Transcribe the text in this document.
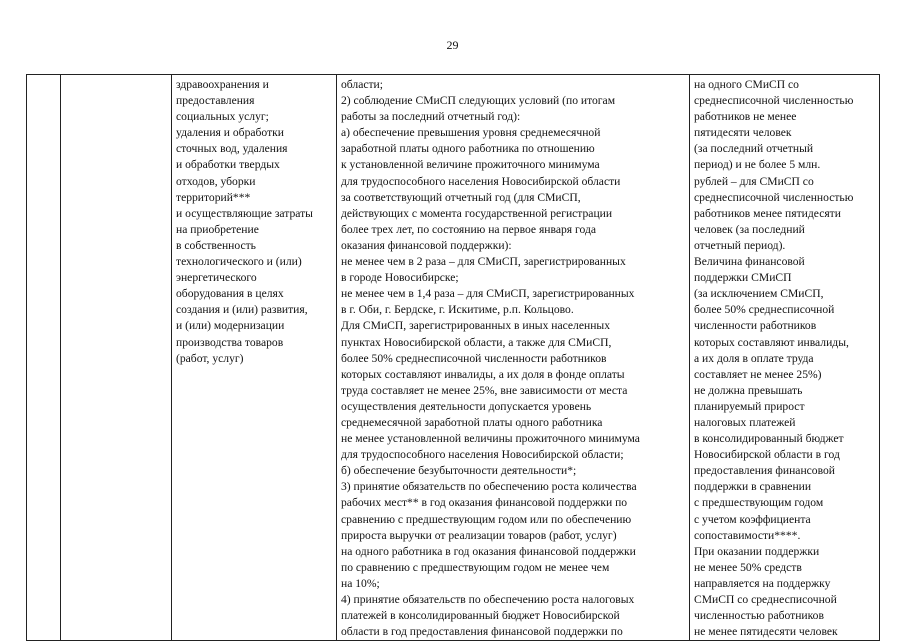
29

здравоохранения и
предоставления
социальных услуг;
удаления и обработки
сточных вод, удаления
и обработки твердых
отходов, уборки
территорий***
и осуществляющие затраты
на приобретение
в собственность
технологического и (или)
энергетического
оборудования в целях
создания и (или) развития,
и (или) модернизации
производства товаров
(работ, услуг)

области;
2) соблюдение СМиСП следующих условий (по итогам
работы за последний отчетный год):
а) обеспечение превышения уровня среднемесячной
заработной платы одного работника по отношению
к установленной величине прожиточного минимума
для трудоспособного населения Новосибирской области
за соответствующий отчетный год (для СМиСП,
действующих с момента государственной регистрации
более трех лет, по состоянию на первое января года
оказания финансовой поддержки):
не менее чем в 2 раза – для СМиСП, зарегистрированных
в городе Новосибирске;
не менее чем в 1,4 раза – для СМиСП, зарегистрированных
в г. Оби, г. Бердске, г. Искитиме, р.п. Кольцово.
Для СМиСП, зарегистрированных в иных населенных
пунктах Новосибирской области, а также для СМиСП,
более 50% среднесписочной численности работников
которых составляют инвалиды, а их доля в фонде оплаты
труда составляет не менее 25%, вне зависимости от места
осуществления деятельности допускается уровень
среднемесячной заработной платы одного работника
не менее установленной величины прожиточного минимума
для трудоспособного населения Новосибирской области;
б) обеспечение безубыточности деятельности*;
3) принятие обязательств по обеспечению роста количества
рабочих мест** в год оказания финансовой поддержки по
сравнению с предшествующим годом или по обеспечению
прироста выручки от реализации товаров (работ, услуг)
на одного работника в год оказания финансовой поддержки
по сравнению с предшествующим годом не менее чем
на 10%;
4) принятие обязательств по обеспечению роста налоговых
платежей в консолидированный бюджет Новосибирской
области в год предоставления финансовой поддержки по

на одного СМиСП со
среднесписочной численностью
работников не менее
пятидесяти человек
(за последний отчетный
период) и не более 5 млн.
рублей – для СМиСП со
среднесписочной численностью
работников менее пятидесяти
человек (за последний
отчетный период).
Величина финансовой
поддержки СМиСП
(за исключением СМиСП,
более 50% среднесписочной
численности работников
которых составляют инвалиды,
а их доля в оплате труда
составляет не менее 25%)
не должна превышать
планируемый прирост
налоговых платежей
в консолидированный бюджет
Новосибирской области в год
предоставления финансовой
поддержки в сравнении
с предшествующим годом
с учетом коэффициента
сопоставимости****.
При оказании поддержки
не менее 50% средств
направляется на поддержку
СМиСП со среднесписочной
численностью работников
не менее пятидесяти человек
